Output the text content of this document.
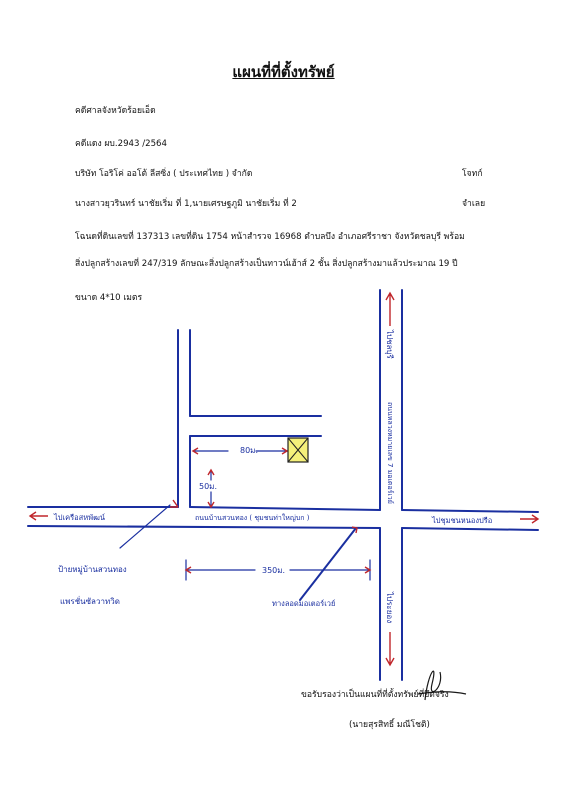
แผนที่ที่ตั้งทรัพย์
คดีศาลจังหวัดร้อยเอ็ด
คดีแดง ผบ.2943 /2564
บริษัท โอริโค่ ออโต้ ลีสซิ่ง ( ประเทศไทย ) จำกัด	โจทก์
นางสาวยุวรินทร์ นาชัยเริ่ม ที่ 1,นายเศรษฐภูมิ นาชัยเริ่ม ที่ 2	จำเลย
โฉนดที่ดินเลขที่ 137313 เลขที่ดิน 1754 หน้าสำรวจ 16968 ตำบลบึง อำเภอศรีราชา จังหวัดชลบุรี พร้อม
สิ่งปลูกสร้างเลขที่ 247/319 ลักษณะสิ่งปลูกสร้างเป็นทาวน์เฮ้าส์ 2 ชั้น สิ่งปลูกสร้างมาแล้วประมาณ 19 ปี
ขนาด 4*10 เมตร
80ม.
50ม.
350ม.
ไปเครือสหพัฒน์	ไปชุมชนหนองปรือ
ถนนบ้านสวนทอง ( ชุมชนท่าใหญ่บก )
ป้ายหมู่บ้านสวนทอง
แพรชั่นซัลวาทวิด	ทางลอดมอเตอร์เวย์
ไปชลบุรี
ไประยอง
ถนนหลวงหมายเลข 7 มอเตอร์เวย์
ขอรับรองว่าเป็นแผนที่ที่ตั้งทรัพย์ที่ยึดจริง
(นายสุรสิทธิ์ มณีโชติ)
